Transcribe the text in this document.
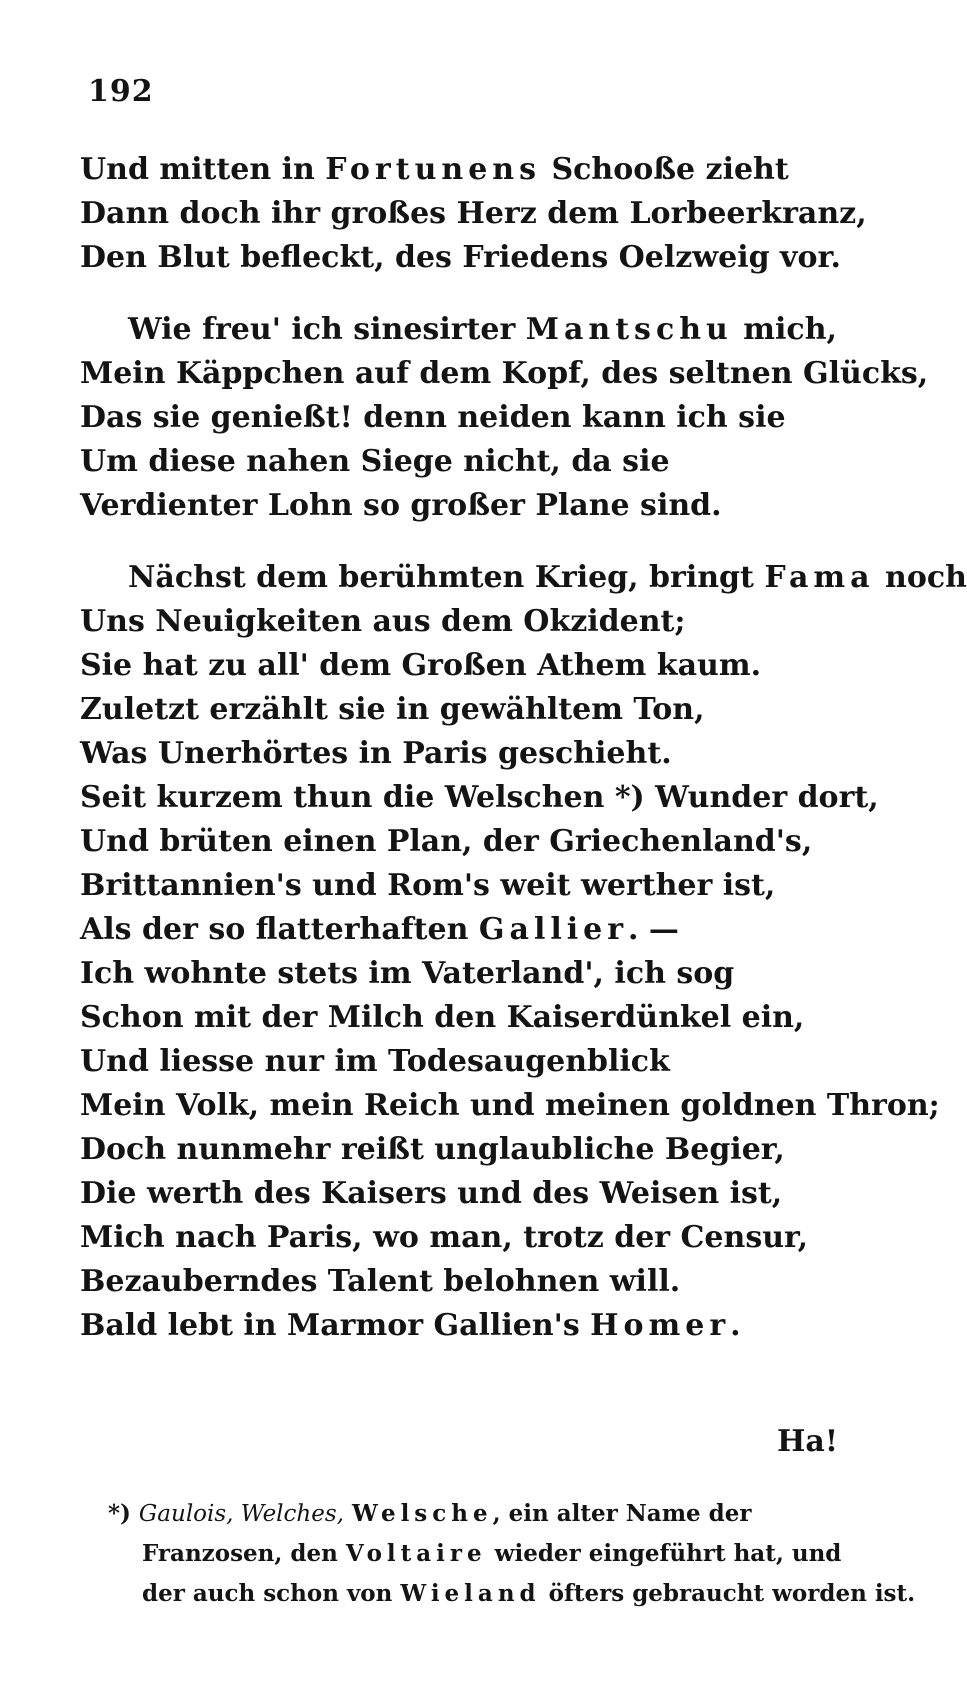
192
Und mitten in Fortunens Schooße zieht
Dann doch ihr großes Herz dem Lorbeerkranz,
Den Blut befleckt, des Friedens Oelzweig vor.
Wie freu' ich sinesirter Mantschu mich,
Mein Käppchen auf dem Kopf, des seltnen Glücks,
Das sie genießt! denn neiden kann ich sie
Um diese nahen Siege nicht, da sie
Verdienter Lohn so großer Plane sind.
Nächst dem berühmten Krieg, bringt Fama noch
Uns Neuigkeiten aus dem Okzident;
Sie hat zu all' dem Großen Athem kaum.
Zuletzt erzählt sie in gewähltem Ton,
Was Unerhörtes in Paris geschieht.
Seit kurzem thun die Welschen *) Wunder dort,
Und brüten einen Plan, der Griechenland's,
Brittannien's und Rom's weit werther ist,
Als der so flatterhaften Gallier. —
Ich wohnte stets im Vaterland', ich sog
Schon mit der Milch den Kaiserdünkel ein,
Und liesse nur im Todesaugenblick
Mein Volk, mein Reich und meinen goldnen Thron;
Doch nunmehr reißt unglaubliche Begier,
Die werth des Kaisers und des Weisen ist,
Mich nach Paris, wo man, trotz der Censur,
Bezauberndes Talent belohnen will.
Bald lebt in Marmor Gallien's Homer.
Ha!
*) Gaulois, Welches, Welsche, ein alter Name der
Franzosen, den Voltaire wieder eingeführt hat, und
der auch schon von Wieland öfters gebraucht worden ist.
